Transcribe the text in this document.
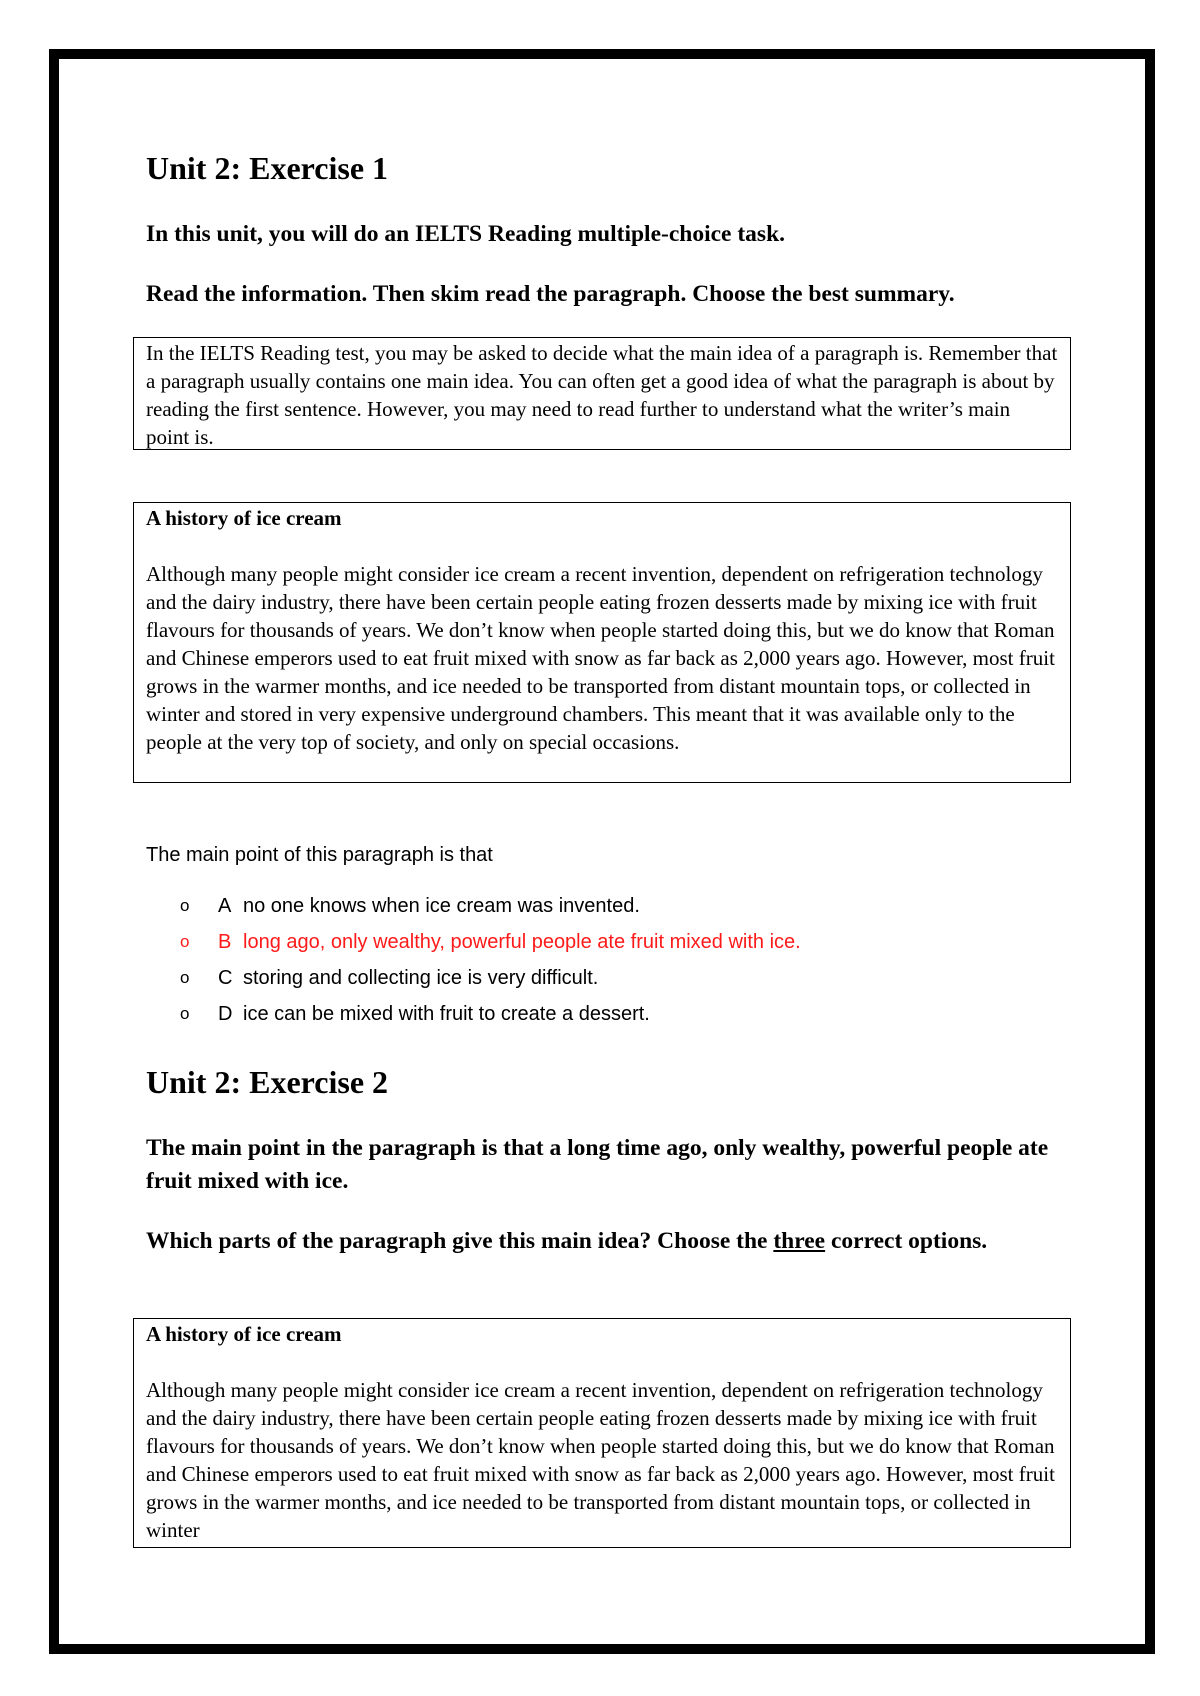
Unit 2: Exercise 1

In this unit, you will do an IELTS Reading multiple-choice task.

Read the information. Then skim read the paragraph. Choose the best summary.

In the IELTS Reading test, you may be asked to decide what the main idea of a paragraph is. Remember that a paragraph usually contains one main idea. You can often get a good idea of what the paragraph is about by reading the first sentence. However, you may need to read further to understand what the writer’s main point is.

A history of ice cream

Although many people might consider ice cream a recent invention, dependent on refrigeration technology and the dairy industry, there have been certain people eating frozen desserts made by mixing ice with fruit flavours for thousands of years. We don’t know when people started doing this, but we do know that Roman and Chinese emperors used to eat fruit mixed with snow as far back as 2,000 years ago. However, most fruit grows in the warmer months, and ice needed to be transported from distant mountain tops, or collected in winter and stored in very expensive underground chambers. This meant that it was available only to the people at the very top of society, and only on special occasions.

The main point of this paragraph is that

o	A no one knows when ice cream was invented.
o	B long ago, only wealthy, powerful people ate fruit mixed with ice.
o	C storing and collecting ice is very difficult.
o	D ice can be mixed with fruit to create a dessert.
Unit 2: Exercise 2

The main point in the paragraph is that a long time ago, only wealthy, powerful people ate fruit mixed with ice.

Which parts of the paragraph give this main idea? Choose the three correct options.

A history of ice cream

Although many people might consider ice cream a recent invention, dependent on refrigeration technology and the dairy industry, there have been certain people eating frozen desserts made by mixing ice with fruit flavours for thousands of years. We don’t know when people started doing this, but we do know that Roman and Chinese emperors used to eat fruit mixed with snow as far back as 2,000 years ago. However, most fruit grows in the warmer months, and ice needed to be transported from distant mountain tops, or collected in winter
